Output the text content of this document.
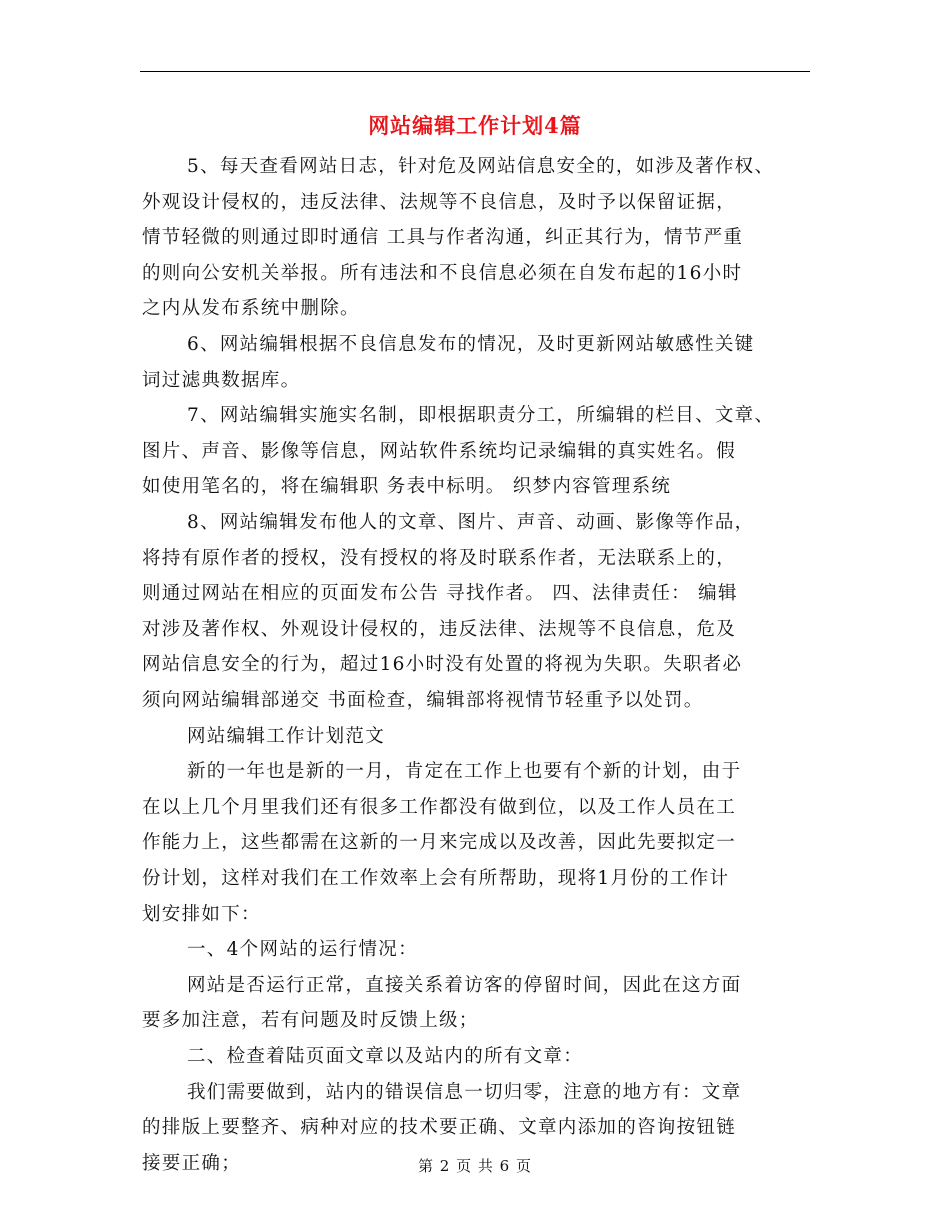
网站编辑工作计划4篇
5、每天查看网站日志，针对危及网站信息安全的，如涉及著作权、
外观设计侵权的，违反法律、法规等不良信息，及时予以保留证据，
情节轻微的则通过即时通信 工具与作者沟通，纠正其行为，情节严重
的则向公安机关举报。所有违法和不良信息必须在自发布起的16小时
之内从发布系统中删除。
6、网站编辑根据不良信息发布的情况，及时更新网站敏感性关键
词过滤典数据库。
7、网站编辑实施实名制，即根据职责分工，所编辑的栏目、文章、
图片、声音、影像等信息，网站软件系统均记录编辑的真实姓名。假
如使用笔名的，将在编辑职 务表中标明。 织梦内容管理系统
8、网站编辑发布他人的文章、图片、声音、动画、影像等作品，
将持有原作者的授权，没有授权的将及时联系作者，无法联系上的，
则通过网站在相应的页面发布公告 寻找作者。 四、法律责任： 编辑
对涉及著作权、外观设计侵权的，违反法律、法规等不良信息，危及
网站信息安全的行为，超过16小时没有处置的将视为失职。失职者必
须向网站编辑部递交 书面检查，编辑部将视情节轻重予以处罚。
网站编辑工作计划范文
新的一年也是新的一月，肯定在工作上也要有个新的计划，由于
在以上几个月里我们还有很多工作都没有做到位，以及工作人员在工
作能力上，这些都需在这新的一月来完成以及改善，因此先要拟定一
份计划，这样对我们在工作效率上会有所帮助，现将1月份的工作计
划安排如下：
一、4个网站的运行情况：
网站是否运行正常，直接关系着访客的停留时间，因此在这方面
要多加注意，若有问题及时反馈上级；
二、检查着陆页面文章以及站内的所有文章：
我们需要做到，站内的错误信息一切归零，注意的地方有：文章
的排版上要整齐、病种对应的技术要正确、文章内添加的咨询按钮链
接要正确；	第 2 页 共 6 页
